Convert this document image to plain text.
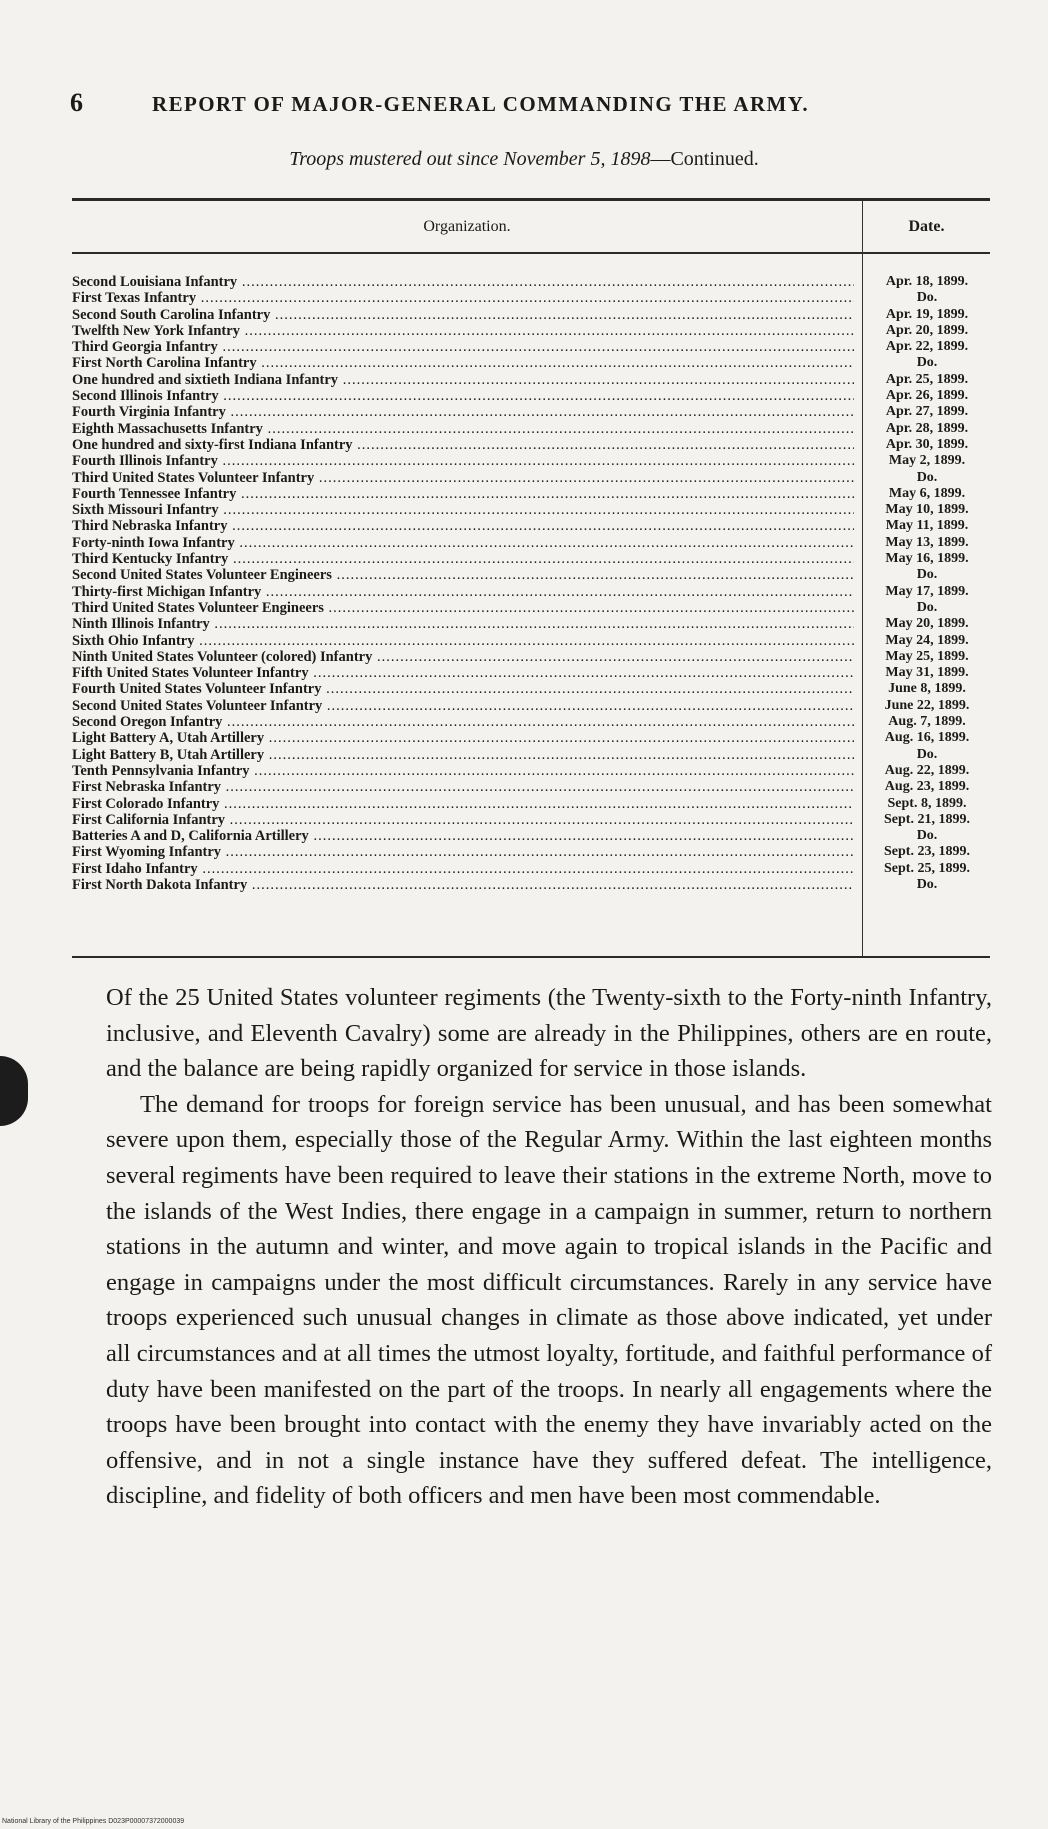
6	REPORT OF MAJOR-GENERAL COMMANDING THE ARMY.
Troops mustered out since November 5, 1898—Continued.
Organization.	Date.
Second Louisiana Infantry .....	Apr. 18, 1899.
First Texas Infantry .....	Do.
Second South Carolina Infantry .....	Apr. 19, 1899.
Twelfth New York Infantry .....	Apr. 20, 1899.
Third Georgia Infantry .....	Apr. 22, 1899.
First North Carolina Infantry .....	Do.
One hundred and sixtieth Indiana Infantry .....	Apr. 25, 1899.
Second Illinois Infantry .....	Apr. 26, 1899.
Fourth Virginia Infantry .....	Apr. 27, 1899.
Eighth Massachusetts Infantry .....	Apr. 28, 1899.
One hundred and sixty-first Indiana Infantry .....	Apr. 30, 1899.
Fourth Illinois Infantry .....	May 2, 1899.
Third United States Volunteer Infantry .....	Do.
Fourth Tennessee Infantry .....	May 6, 1899.
Sixth Missouri Infantry .....	May 10, 1899.
Third Nebraska Infantry .....	May 11, 1899.
Forty-ninth Iowa Infantry .....	May 13, 1899.
Third Kentucky Infantry .....	May 16, 1899.
Second United States Volunteer Engineers .....	Do.
Thirty-first Michigan Infantry .....	May 17, 1899.
Third United States Volunteer Engineers .....	Do.
Ninth Illinois Infantry .....	May 20, 1899.
Sixth Ohio Infantry .....	May 24, 1899.
Ninth United States Volunteer (colored) Infantry .....	May 25, 1899.
Fifth United States Volunteer Infantry .....	May 31, 1899.
Fourth United States Volunteer Infantry .....	June 8, 1899.
Second United States Volunteer Infantry .....	June 22, 1899.
Second Oregon Infantry .....	Aug. 7, 1899.
Light Battery A, Utah Artillery .....	Aug. 16, 1899.
Light Battery B, Utah Artillery .....	Do.
Tenth Pennsylvania Infantry .....	Aug. 22, 1899.
First Nebraska Infantry .....	Aug. 23, 1899.
First Colorado Infantry .....	Sept. 8, 1899.
First California Infantry .....	Sept. 21, 1899.
Batteries A and D, California Artillery .....	Do.
First Wyoming Infantry .....	Sept. 23, 1899.
First Idaho Infantry .....	Sept. 25, 1899.
First North Dakota Infantry .....	Do.

Of the 25 United States volunteer regiments (the Twenty-sixth to the Forty-ninth Infantry, inclusive, and Eleventh Cavalry) some are already in the Philippines, others are en route, and the balance are being rapidly organized for service in those islands.

The demand for troops for foreign service has been unusual, and has been somewhat severe upon them, especially those of the Regular Army. Within the last eighteen months several regiments have been required to leave their stations in the extreme North, move to the islands of the West Indies, there engage in a campaign in summer, return to northern stations in the autumn and winter, and move again to tropical islands in the Pacific and engage in campaigns under the most difficult circumstances. Rarely in any service have troops experienced such unusual changes in climate as those above indicated, yet under all circumstances and at all times the utmost loyalty, fortitude, and faithful performance of duty have been manifested on the part of the troops. In nearly all engagements where the troops have been brought into contact with the enemy they have invariably acted on the offensive, and in not a single instance have they suffered defeat. The intelligence, discipline, and fidelity of both officers and men have been most commendable.

National Library of the Philippines D023P00007372000039
